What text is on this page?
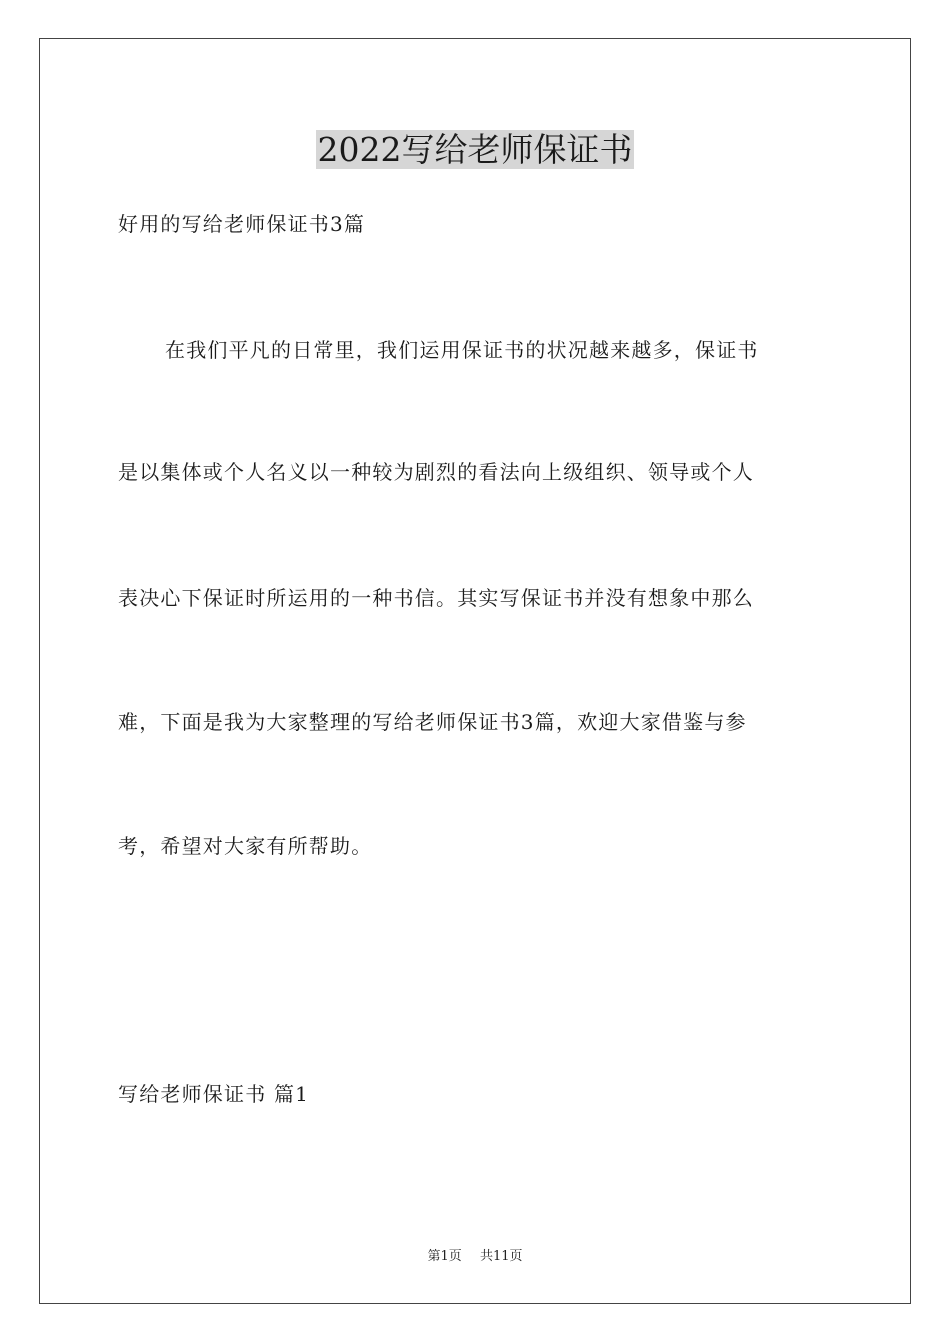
2022写给老师保证书
好用的写给老师保证书3篇
在我们平凡的日常里，我们运用保证书的状况越来越多，保证书
是以集体或个人名义以一种较为剧烈的看法向上级组织、领导或个人
表决心下保证时所运用的一种书信。其实写保证书并没有想象中那么
难，下面是我为大家整理的写给老师保证书3篇，欢迎大家借鉴与参
考，希望对大家有所帮助。
写给老师保证书 篇1
第1页 共11页
